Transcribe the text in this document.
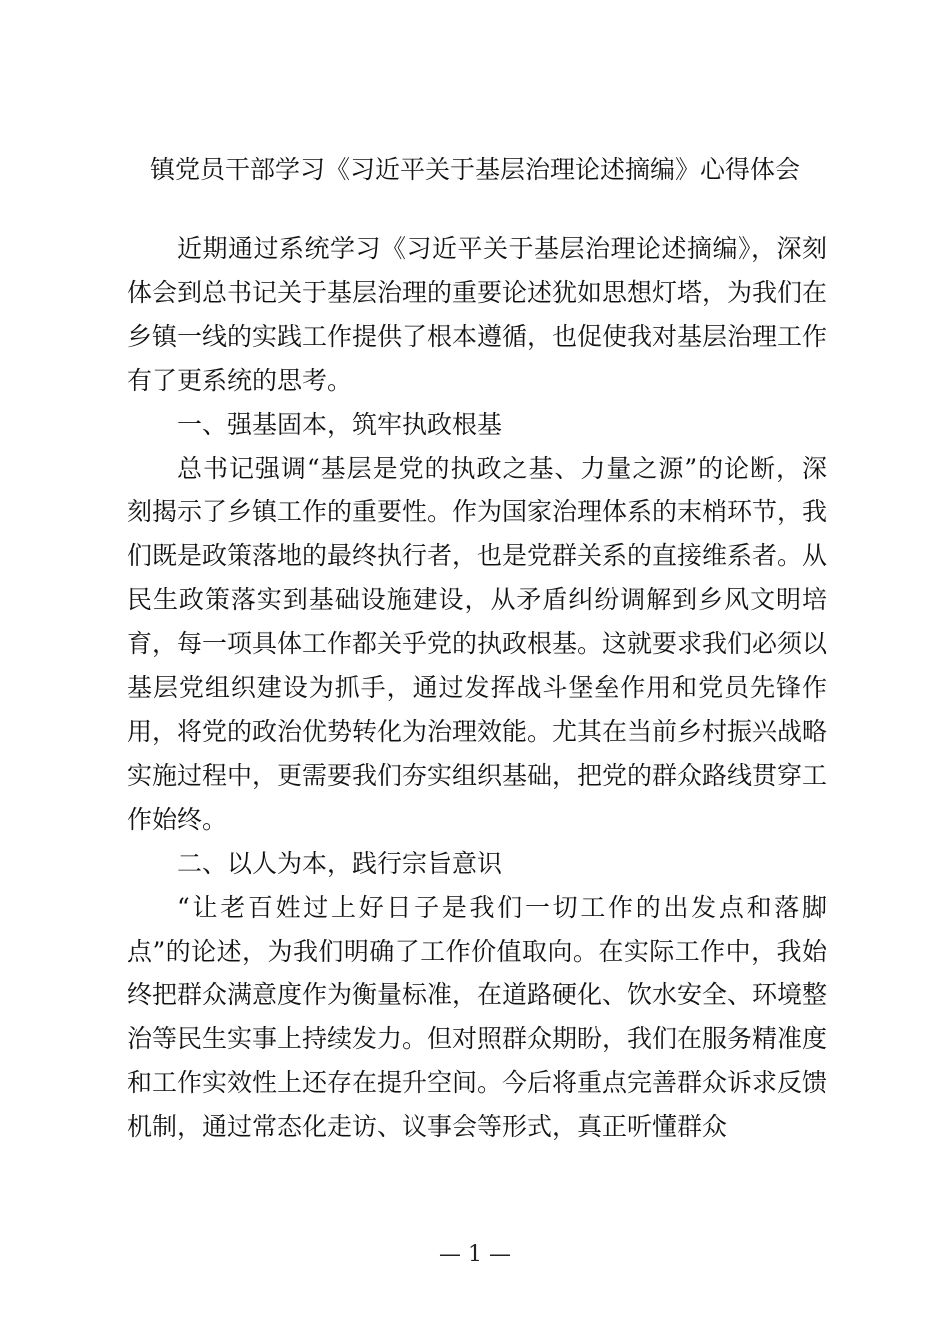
镇党员干部学习《习近平关于基层治理论述摘编》心得体会

近期通过系统学习《习近平关于基层治理论述摘编》，深刻体会到总书记关于基层治理的重要论述犹如思想灯塔，为我们在乡镇一线的实践工作提供了根本遵循，也促使我对基层治理工作有了更系统的思考。

一、强基固本，筑牢执政根基

总书记强调“基层是党的执政之基、力量之源”的论断，深刻揭示了乡镇工作的重要性。作为国家治理体系的末梢环节，我们既是政策落地的最终执行者，也是党群关系的直接维系者。从民生政策落实到基础设施建设，从矛盾纠纷调解到乡风文明培育，每一项具体工作都关乎党的执政根基。这就要求我们必须以基层党组织建设为抓手，通过发挥战斗堡垒作用和党员先锋作用，将党的政治优势转化为治理效能。尤其在当前乡村振兴战略实施过程中，更需要我们夯实组织基础，把党的群众路线贯穿工作始终。

二、以人为本，践行宗旨意识

“让老百姓过上好日子是我们一切工作的出发点和落脚点”的论述，为我们明确了工作价值取向。在实际工作中，我始终把群众满意度作为衡量标准，在道路硬化、饮水安全、环境整治等民生实事上持续发力。但对照群众期盼，我们在服务精准度和工作实效性上还存在提升空间。今后将重点完善群众诉求反馈机制，通过常态化走访、议事会等形式，真正听懂群众

— 1 —
